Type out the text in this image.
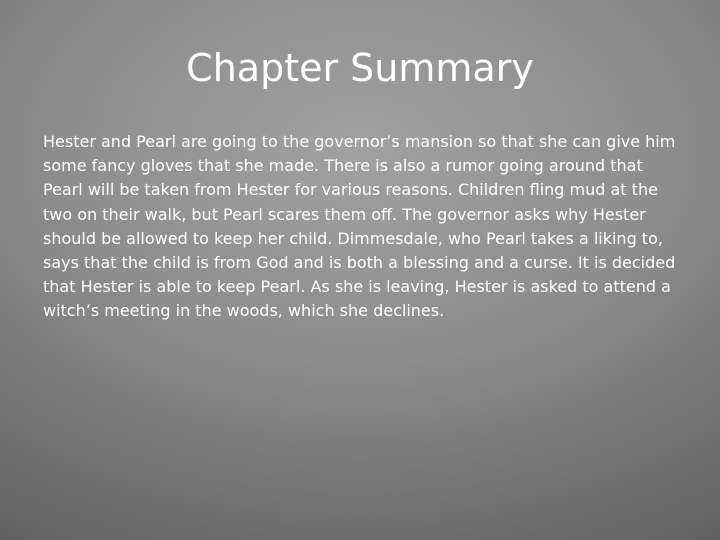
Chapter Summary

Hester and Pearl are going to the governor’s mansion so that she can give him
some fancy gloves that she made. There is also a rumor going around that
Pearl will be taken from Hester for various reasons. Children fling mud at the
two on their walk, but Pearl scares them off. The governor asks why Hester
should be allowed to keep her child. Dimmesdale, who Pearl takes a liking to,
says that the child is from God and is both a blessing and a curse. It is decided
that Hester is able to keep Pearl. As she is leaving, Hester is asked to attend a
witch’s meeting in the woods, which she declines.
